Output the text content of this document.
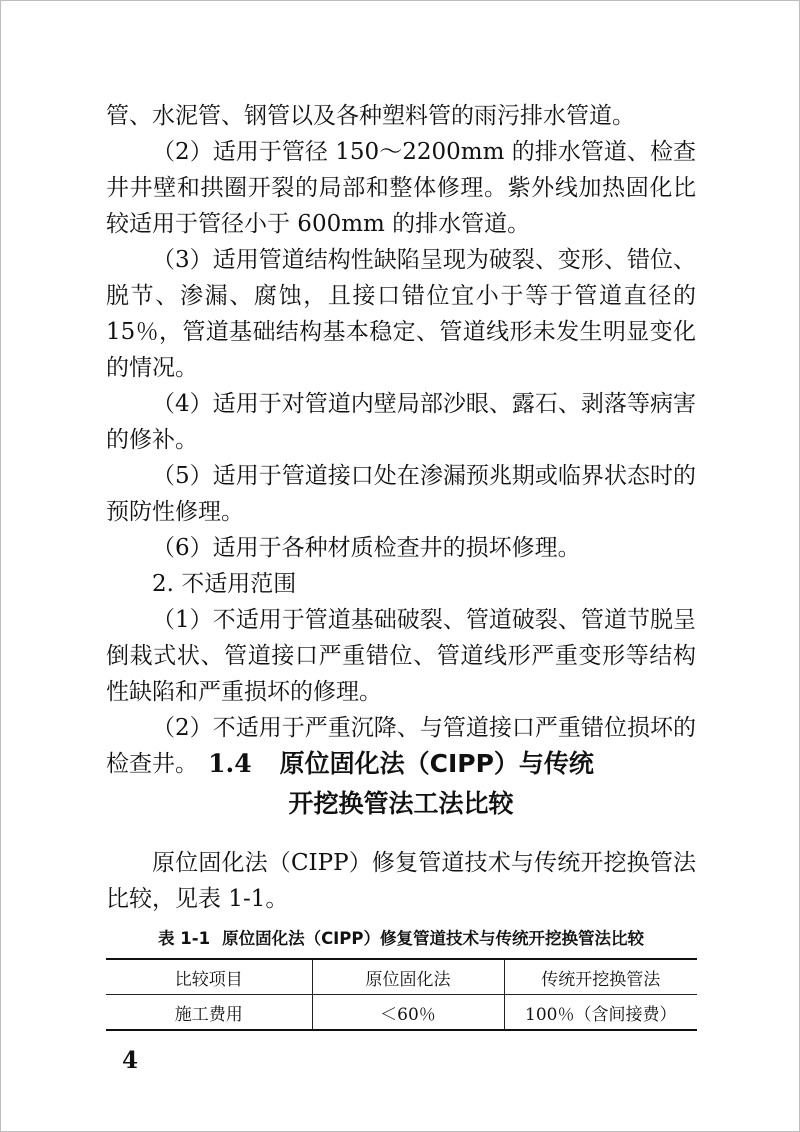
管、水泥管、钢管以及各种塑料管的雨污排水管道。

（2）适用于管径 150～2200mm 的排水管道、检查井井壁和拱圈开裂的局部和整体修理。紫外线加热固化比较适用于管径小于 600mm 的排水管道。

（3）适用管道结构性缺陷呈现为破裂、变形、错位、脱节、渗漏、腐蚀，且接口错位宜小于等于管道直径的 15％，管道基础结构基本稳定、管道线形未发生明显变化的情况。

（4）适用于对管道内壁局部沙眼、露石、剥落等病害的修补。

（5）适用于管道接口处在渗漏预兆期或临界状态时的预防性修理。

（6）适用于各种材质检查井的损坏修理。

2. 不适用范围

（1）不适用于管道基础破裂、管道破裂、管道节脱呈倒栽式状、管道接口严重错位、管道线形严重变形等结构性缺陷和严重损坏的修理。

（2）不适用于严重沉降、与管道接口严重错位损坏的检查井。 1.4 原位固化法（CIPP）与传统
开挖换管法工法比较

原位固化法（CIPP）修复管道技术与传统开挖换管法比较，见表 1-1。

表 1-1 原位固化法（CIPP）修复管道技术与传统开挖换管法比较
比较项目	原位固化法	传统开挖换管法
施工费用	＜60％	100％（含间接费）
4
